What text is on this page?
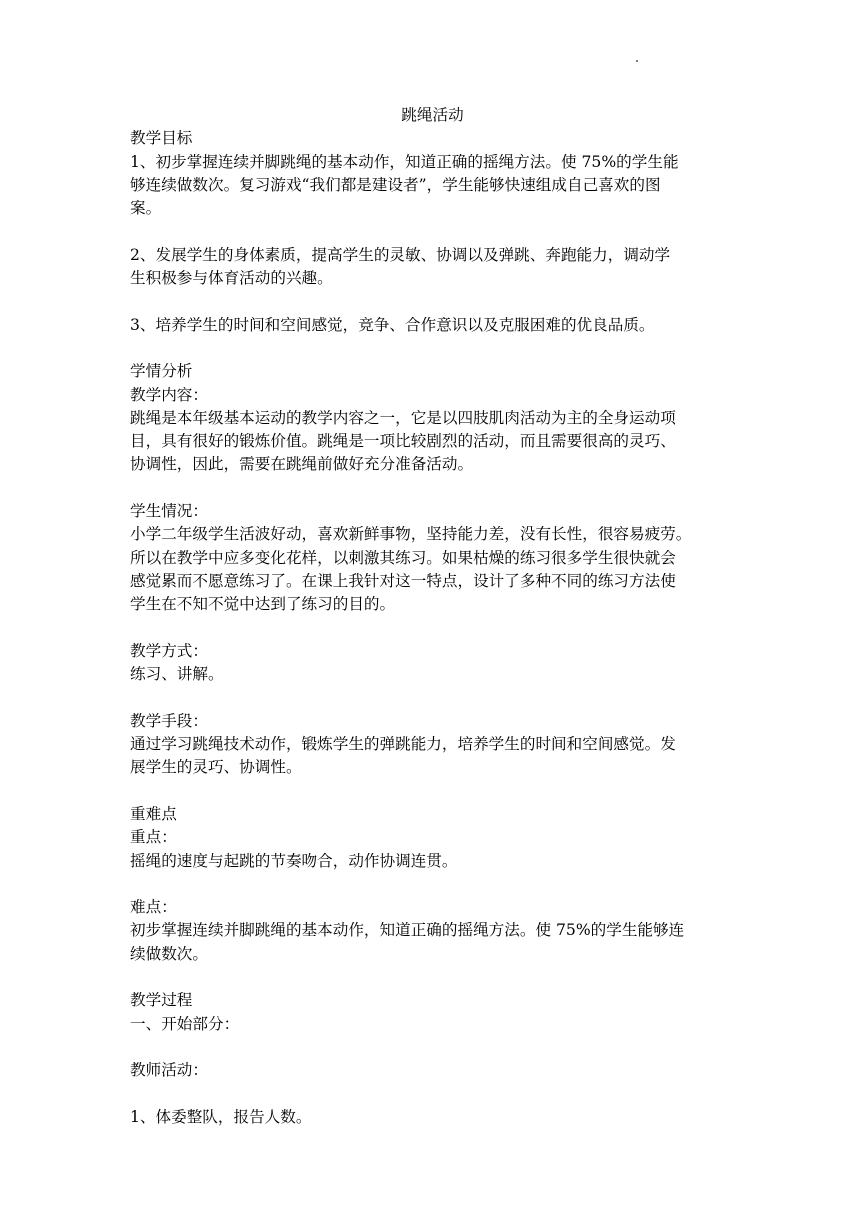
跳绳活动

教学目标

1、初步掌握连续并脚跳绳的基本动作，知道正确的摇绳方法。使 75%的学生能

够连续做数次。复习游戏“我们都是建设者”，学生能够快速组成自己喜欢的图

案。

2、发展学生的身体素质，提高学生的灵敏、协调以及弹跳、奔跑能力，调动学

生积极参与体育活动的兴趣。

3、培养学生的时间和空间感觉，竞争、合作意识以及克服困难的优良品质。

学情分析

教学内容：

跳绳是本年级基本运动的教学内容之一，它是以四肢肌肉活动为主的全身运动项

目，具有很好的锻炼价值。跳绳是一项比较剧烈的活动，而且需要很高的灵巧、

协调性，因此，需要在跳绳前做好充分准备活动。

学生情况：

小学二年级学生活波好动，喜欢新鲜事物，坚持能力差，没有长性，很容易疲劳。

所以在教学中应多变化花样，以刺激其练习。如果枯燥的练习很多学生很快就会

感觉累而不愿意练习了。在课上我针对这一特点，设计了多种不同的练习方法使

学生在不知不觉中达到了练习的目的。

教学方式：

练习、讲解。

教学手段：

通过学习跳绳技术动作，锻炼学生的弹跳能力，培养学生的时间和空间感觉。发

展学生的灵巧、协调性。

重难点

重点：

摇绳的速度与起跳的节奏吻合，动作协调连贯。

难点：

初步掌握连续并脚跳绳的基本动作，知道正确的摇绳方法。使 75%的学生能够连

续做数次。

教学过程

一、开始部分：

教师活动：

1、体委整队，报告人数。
